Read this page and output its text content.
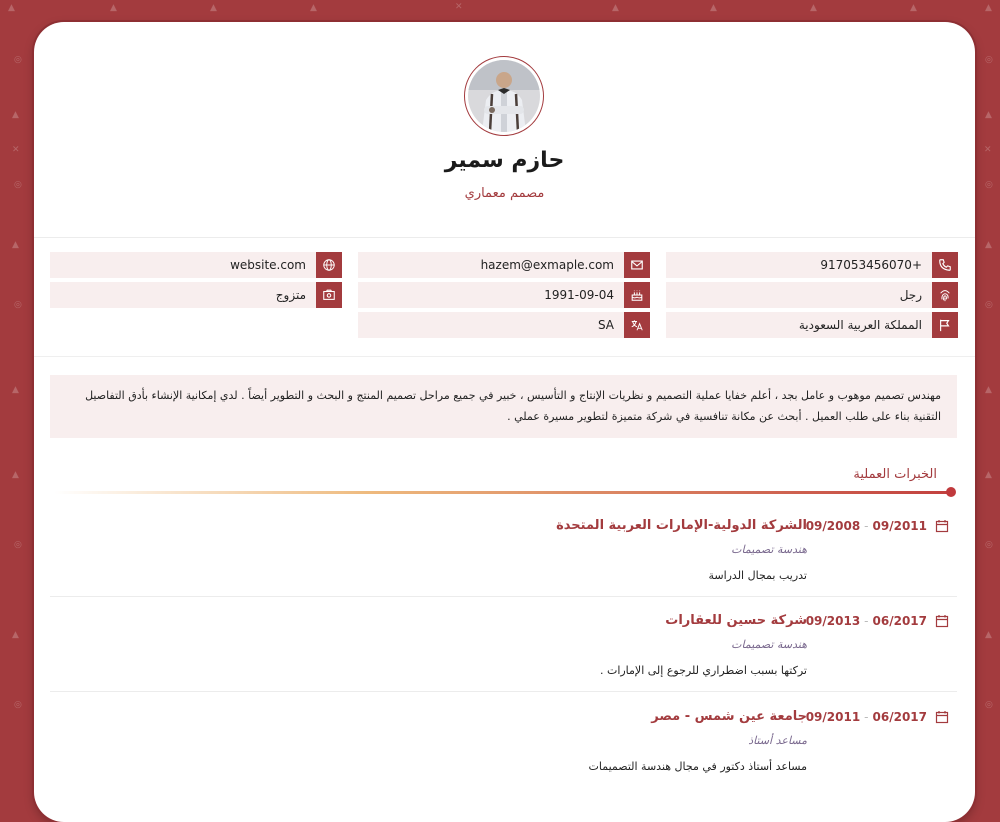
▲	▲	▲	▲	✕	▲	▲	▲	▲	▲
◎
▲
✕
◎
▲
◎
▲
▲
◎
▲
◎
◎
▲
✕
◎
▲
◎
▲
▲
◎
▲
◎
حازم سمير
مصمم معماري
+917053456070
رجل
المملكة العربية السعودية
hazem@exmaple.com
1991-09-04
SA
website.com
متزوج
مهندس تصميم موهوب و عامل بجد ، أعلم خفايا عملية التصميم و نظريات الإنتاج و التأسيس ، خبير في جميع مراحل تصميم المنتج و البحث و التطوير أيضاً . لدي إمكانية الإنشاء بأدق التفاصيل التقنية بناء على طلب العميل . أبحث عن مكانة تنافسية في شركة متميزة لتطوير مسيرة عملي .
الخبرات العملية
09/2008 - 09/2011
الشركة الدولية-الإمارات العربية المتحدة
هندسة تصميمات
تدريب بمجال الدراسة
09/2013 - 06/2017
شركة حسين للعقارات
هندسة تصميمات
تركتها بسبب اضطراري للرجوع إلى الإمارات .
09/2011 - 06/2017
جامعة عين شمس - مصر
مساعد أستاذ
مساعد أستاذ دكتور في مجال هندسة التصميمات
